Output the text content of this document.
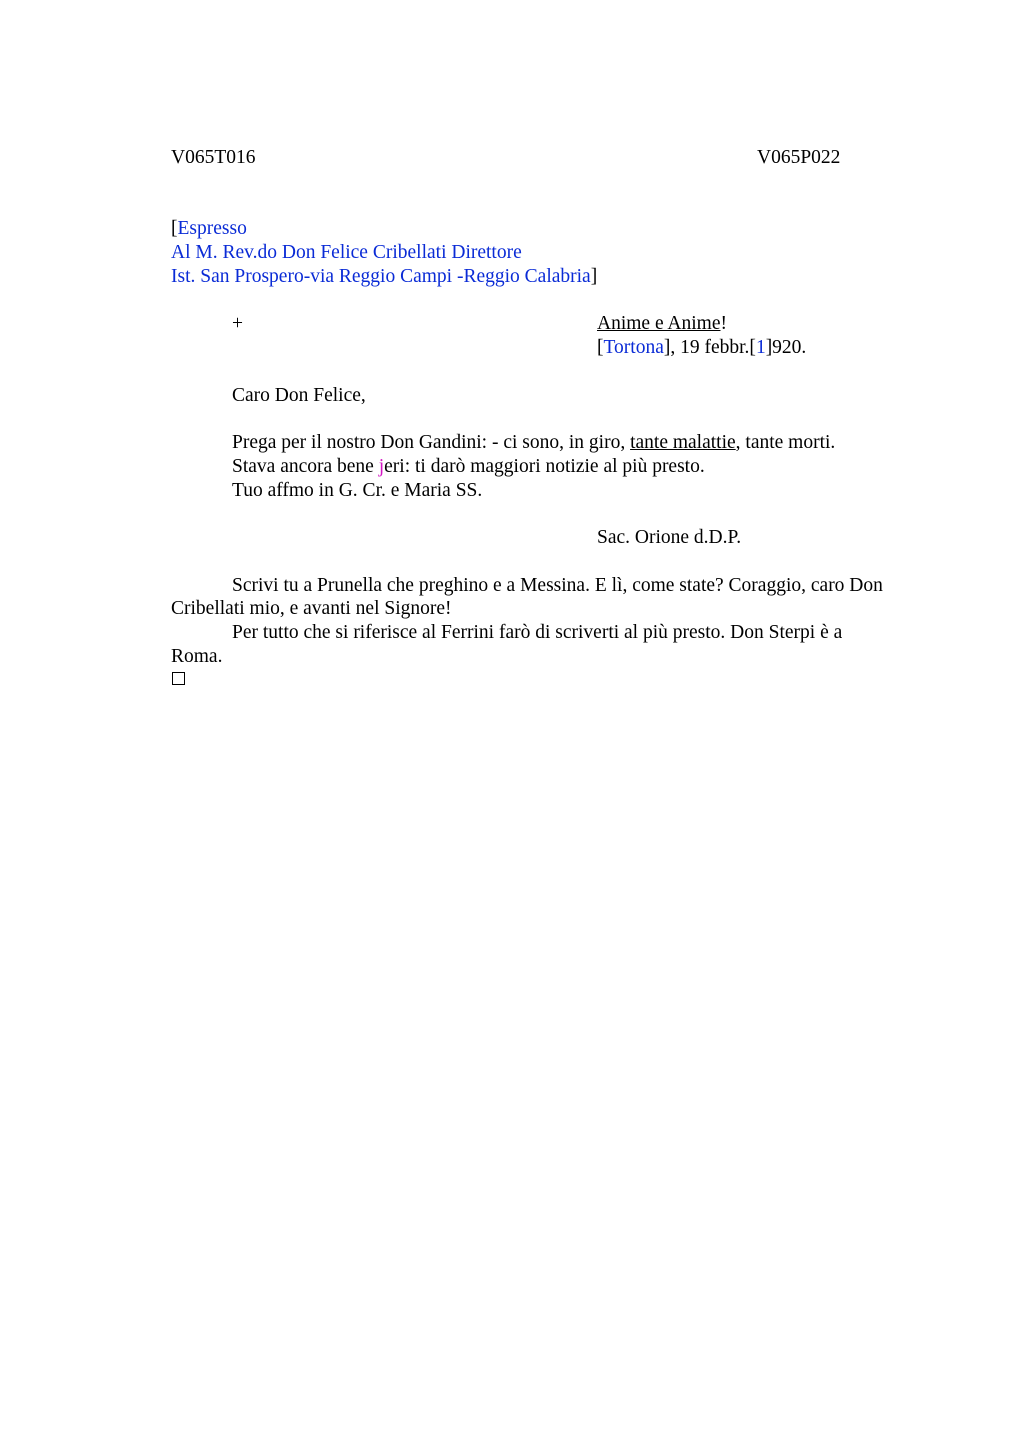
V065T016	V065P022
[Espresso
Al M. Rev.do Don Felice Cribellati Direttore
Ist. San Prospero-via Reggio Campi -Reggio Calabria]
+	Anime e Anime!
[Tortona], 19 febbr.[1]920.
Caro Don Felice,
Prega per il nostro Don Gandini: - ci sono, in giro, tante malattie, tante morti.
Stava ancora bene jeri: ti darò maggiori notizie al più presto.
Tuo affmo in G. Cr. e Maria SS.
Sac. Orione d.D.P.
Scrivi tu a Prunella che preghino e a Messina. E lì, come state? Coraggio, caro Don
Cribellati mio, e avanti nel Signore!
Per tutto che si riferisce al Ferrini farò di scriverti al più presto. Don Sterpi è a
Roma.
